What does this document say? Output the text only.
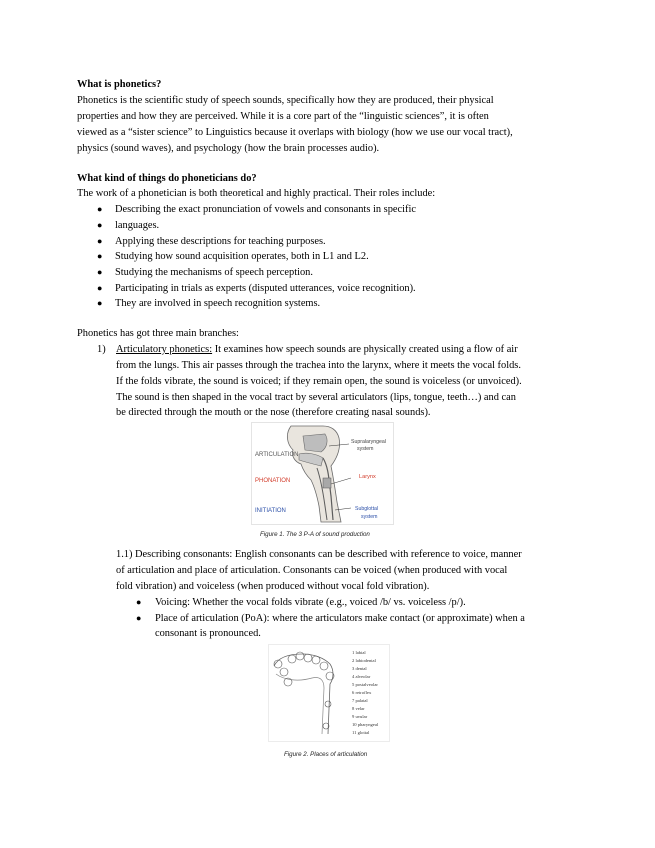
What is phonetics?
Phonetics is the scientific study of speech sounds, specifically how they are produced, their physical
properties and how they are perceived. While it is a core part of the “linguistic sciences”, it is often
viewed as a “sister science” to Linguistics because it overlaps with biology (how we use our vocal tract),
physics (sound waves), and psychology (how the brain processes audio).
What kind of things do phoneticians do?
The work of a phonetician is both theoretical and highly practical. Their roles include:
● Describing the exact pronunciation of vowels and consonants in specific
● languages.
● Applying these descriptions for teaching purposes.
● Studying how sound acquisition operates, both in L1 and L2.
● Studying the mechanisms of speech perception.
● Participating in trials as experts (disputed utterances, voice recognition).
● They are involved in speech recognition systems.
Phonetics has got three main branches:
1) Articulatory phonetics: It examines how speech sounds are physically created using a flow of air
from the lungs. This air passes through the trachea into the larynx, where it meets the vocal folds.
If the folds vibrate, the sound is voiced; if they remain open, the sound is voiceless (or unvoiced).
The sound is then shaped in the vocal tract by several articulators (lips, tongue, teeth…) and can
be directed through the mouth or the nose (therefore creating nasal sounds).
ARTICULATION
PHONATION
INITIATION
Supralaryngeal
system
Larynx
Subglottal
system
Figure 1. The 3 P-A of sound production
1.1) Describing consonants: English consonants can be described with reference to voice, manner
of articulation and place of articulation. Consonants can be voiced (when produced with vocal
fold vibration) and voiceless (when produced without vocal fold vibration).
● Voicing: Whether the vocal folds vibrate (e.g., voiced /b/ vs. voiceless /p/).
● Place of articulation (PoA): where the articulators make contact (or approximate) when a
consonant is pronounced.
1 labial
2 labiodental
3 dental
4 alveolar
5 postalveolar
6 retroflex
7 palatal
8 velar
9 uvular
10 pharyngeal
11 glottal
Figure 2. Places of articulation
